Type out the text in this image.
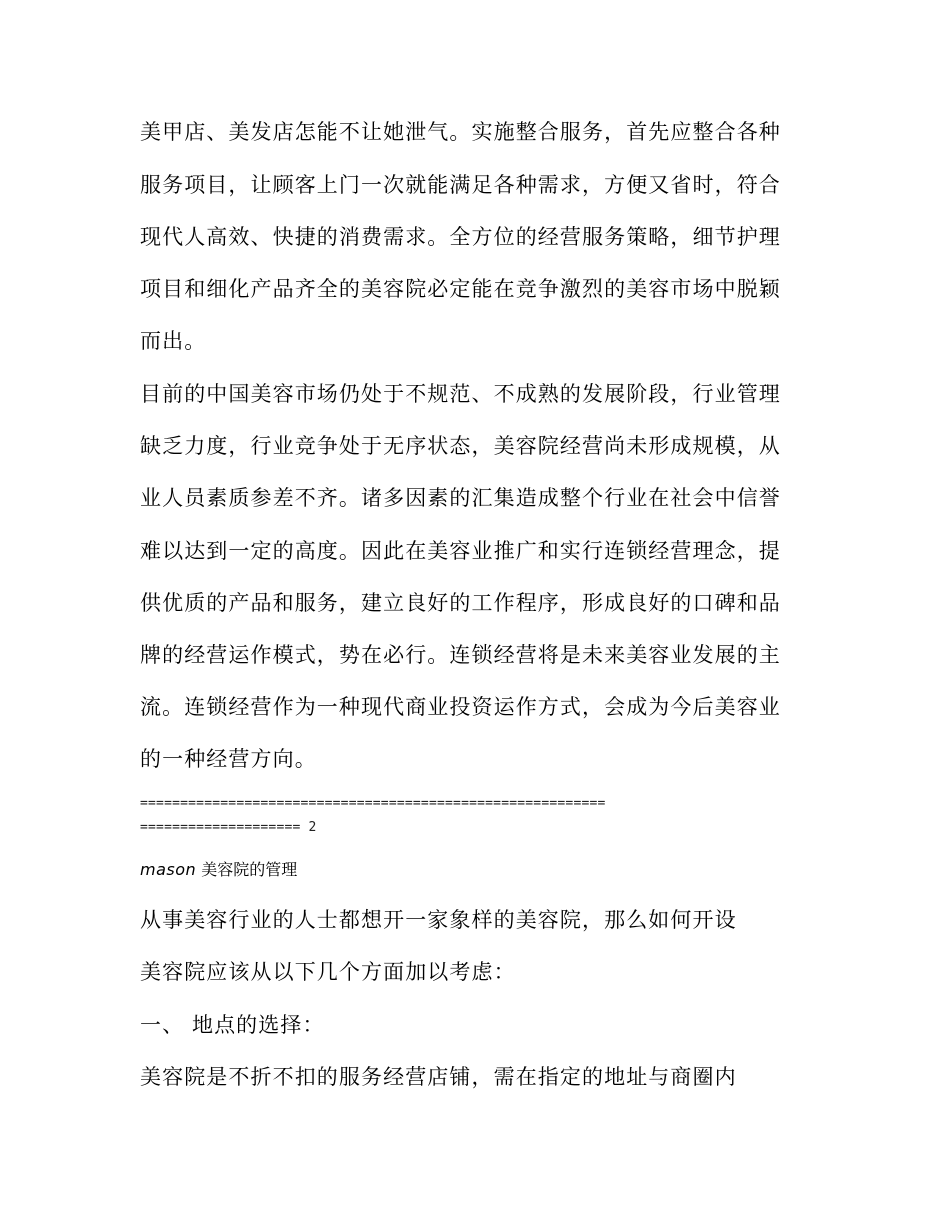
美甲店、美发店怎能不让她泄气。实施整合服务，首先应整合各种
服务项目，让顾客上门一次就能满足各种需求，方便又省时，符合
现代人高效、快捷的消费需求。全方位的经营服务策略，细节护理
项目和细化产品齐全的美容院必定能在竞争激烈的美容市场中脱颖
而出。
目前的中国美容市场仍处于不规范、不成熟的发展阶段，行业管理
缺乏力度，行业竞争处于无序状态，美容院经营尚未形成规模，从
业人员素质参差不齐。诸多因素的汇集造成整个行业在社会中信誉
难以达到一定的高度。因此在美容业推广和实行连锁经营理念，提
供优质的产品和服务，建立良好的工作程序，形成良好的口碑和品
牌的经营运作模式，势在必行。连锁经营将是未来美容业发展的主
流。连锁经营作为一种现代商业投资运作方式，会成为今后美容业
的一种经营方向。
==========================================================
==================== 2
mason 美容院的管理
从事美容行业的人士都想开一家象样的美容院，那么如何开设
美容院应该从以下几个方面加以考虑：
一、 地点的选择：
美容院是不折不扣的服务经营店铺，需在指定的地址与商圈内
